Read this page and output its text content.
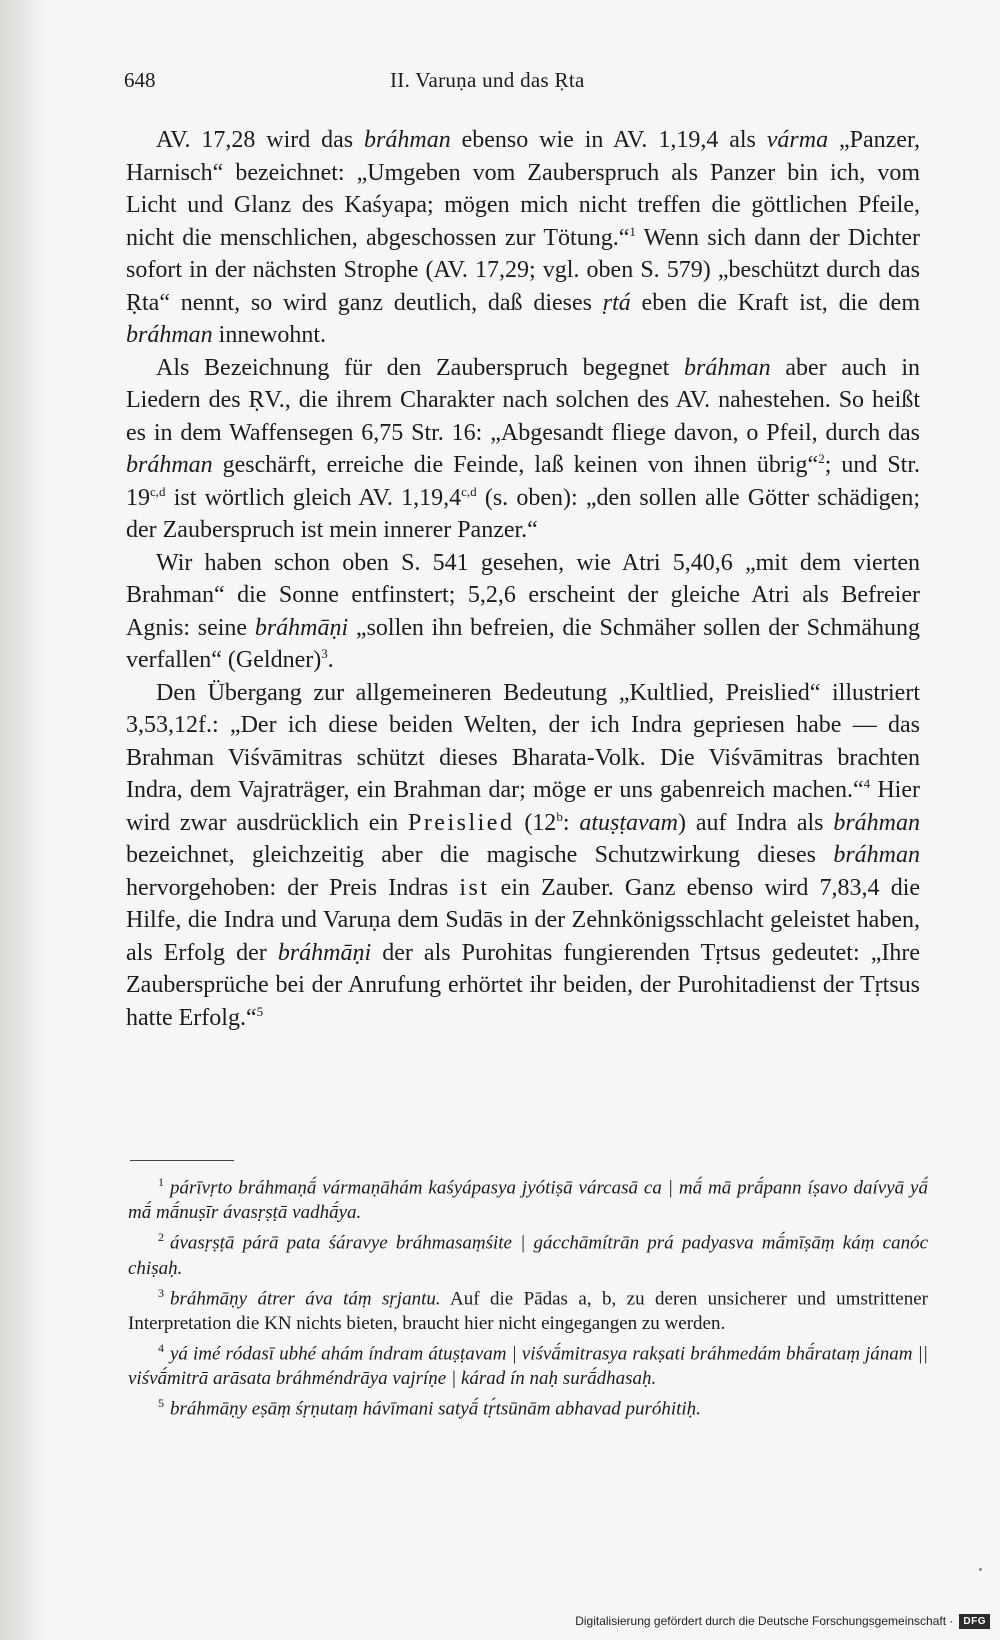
648	II. Varuṇa und das Ṛta

AV. 17,28 wird das bráhman ebenso wie in AV. 1,19,4 als várma „Panzer, Harnisch“ bezeichnet: „Umgeben vom Zauberspruch als Panzer bin ich, vom Licht und Glanz des Kaśyapa; mögen mich nicht treffen die göttlichen Pfeile, nicht die menschlichen, abgeschossen zur Tötung.“$^1$ Wenn sich dann der Dichter sofort in der nächsten Strophe (AV. 17,29; vgl. oben S. 579) „beschützt durch das Ṛta“ nennt, so wird ganz deutlich, daß dieses ṛtá eben die Kraft ist, die dem bráhman innewohnt.

Als Bezeichnung für den Zauberspruch begegnet bráhman aber auch in Liedern des ṚV., die ihrem Charakter nach solchen des AV. nahestehen. So heißt es in dem Waffensegen 6,75 Str. 16: „Abgesandt fliege davon, o Pfeil, durch das bráhman geschärft, erreiche die Feinde, laß keinen von ihnen übrig“$^2$; und Str. 19$^{c,d}$ ist wörtlich gleich AV. 1,19,4$^{c,d}$ (s. oben): „den sollen alle Götter schädigen; der Zauberspruch ist mein innerer Panzer.“

Wir haben schon oben S. 541 gesehen, wie Atri 5,40,6 „mit dem vierten Brahman“ die Sonne entfinstert; 5,2,6 erscheint der gleiche Atri als Befreier Agnis: seine bráhmāṇi „sollen ihn befreien, die Schmäher sollen der Schmähung verfallen“ (Geldner)$^3$.

Den Übergang zur allgemeineren Bedeutung „Kultlied, Preislied“ illustriert 3,53,12f.: „Der ich diese beiden Welten, der ich Indra gepriesen habe — das Brahman Viśvāmitras schützt dieses Bharata-Volk. Die Viśvāmitras brachten Indra, dem Vajraträger, ein Brahman dar; möge er uns gabenreich machen.“$^4$ Hier wird zwar ausdrücklich ein Preislied (12$^b$: atuṣṭavam) auf Indra als bráhman bezeichnet, gleichzeitig aber die magische Schutzwirkung dieses bráhman hervorgehoben: der Preis Indras ist ein Zauber. Ganz ebenso wird 7,83,4 die Hilfe, die Indra und Varuṇa dem Sudās in der Zehnkönigsschlacht geleistet haben, als Erfolg der bráhmāṇi der als Purohitas fungierenden Tṛtsus gedeutet: „Ihre Zaubersprüche bei der Anrufung erhörtet ihr beiden, der Purohitadienst der Tṛtsus hatte Erfolg.“$^5$

$^1$ párīvṛto bráhmaṇā́ vármaṇāhám kaśyápasya jyótiṣā várcasā ca | mā́ mā prā́pann íṣavo daívyā yā́ mā́ mā́nuṣīr ávasṛṣṭā vadhā́ya.

$^2$ ávasṛṣṭā párā pata śáravye bráhmasaṃśite | gácchāmítrān prá padyasva mā́mīṣāṃ káṃ canóc chiṣaḥ.

$^3$ bráhmāṇy átrer áva táṃ sṛjantu. Auf die Pādas a, b, zu deren unsicherer und umstrittener Interpretation die KN nichts bieten, braucht hier nicht eingegangen zu werden.

$^4$ yá imé ródasī ubhé ahám índram átuṣṭavam | viśvā́mitrasya rakṣati bráhmedám bhā́rataṃ jánam || viśvā́mitrā arāsata bráhméndrāya vajríṇe | kárad ín naḥ surā́dhasaḥ.

$^5$ bráhmāṇy eṣāṃ śṛṇutaṃ hávīmani satyā́ tṛ́tsūnām abhavad puróhitiḥ.

Digitalisierung gefördert durch die Deutsche Forschungsgemeinschaft ·	DFG
